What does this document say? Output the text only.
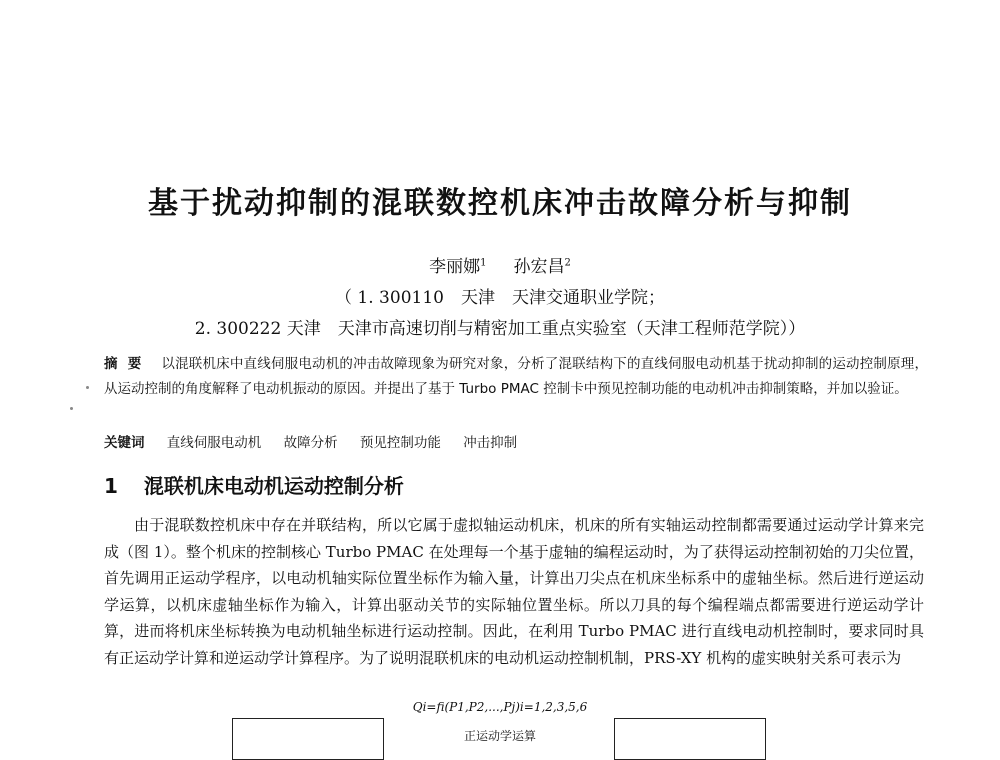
基于扰动抑制的混联数控机床冲击故障分析与抑制
李丽娜$^1$ 孙宏昌$^2$
（ 1. 300110　天津　天津交通职业学院；
2. 300222 天津　天津市高速切削与精密加工重点实验室（天津工程师范学院））
摘要 以混联机床中直线伺服电动机的冲击故障现象为研究对象，分析了混联结构下的直线伺服电动机基于扰动抑制的运动控制原理，从运动控制的角度解释了电动机振动的原因。并提出了基于 Turbo PMAC 控制卡中预见控制功能的电动机冲击抑制策略，并加以验证。
关键词 直线伺服电动机 故障分析 预见控制功能 冲击抑制
1 混联机床电动机运动控制分析
由于混联数控机床中存在并联结构，所以它属于虚拟轴运动机床，机床的所有实轴运动控制都需要通过运动学计算来完成（图 1）。整个机床的控制核心 Turbo PMAC 在处理每一个基于虚轴的编程运动时，为了获得运动控制初始的刀尖位置，首先调用正运动学程序，以电动机轴实际位置坐标作为输入量，计算出刀尖点在机床坐标系中的虚轴坐标。然后进行逆运动学运算，以机床虚轴坐标作为输入，计算出驱动关节的实际轴位置坐标。所以刀具的每个编程端点都需要进行逆运动学计算，进而将机床坐标转换为电动机轴坐标进行运动控制。因此，在利用 Turbo PMAC 进行直线电动机控制时，要求同时具有正运动学计算和逆运动学计算程序。为了说明混联机床的电动机运动控制机制，PRS-XY 机构的虚实映射关系可表示为
Qi=fi(P1,P2,...,Pj)i=1,2,3,5,6
正运动学运算
